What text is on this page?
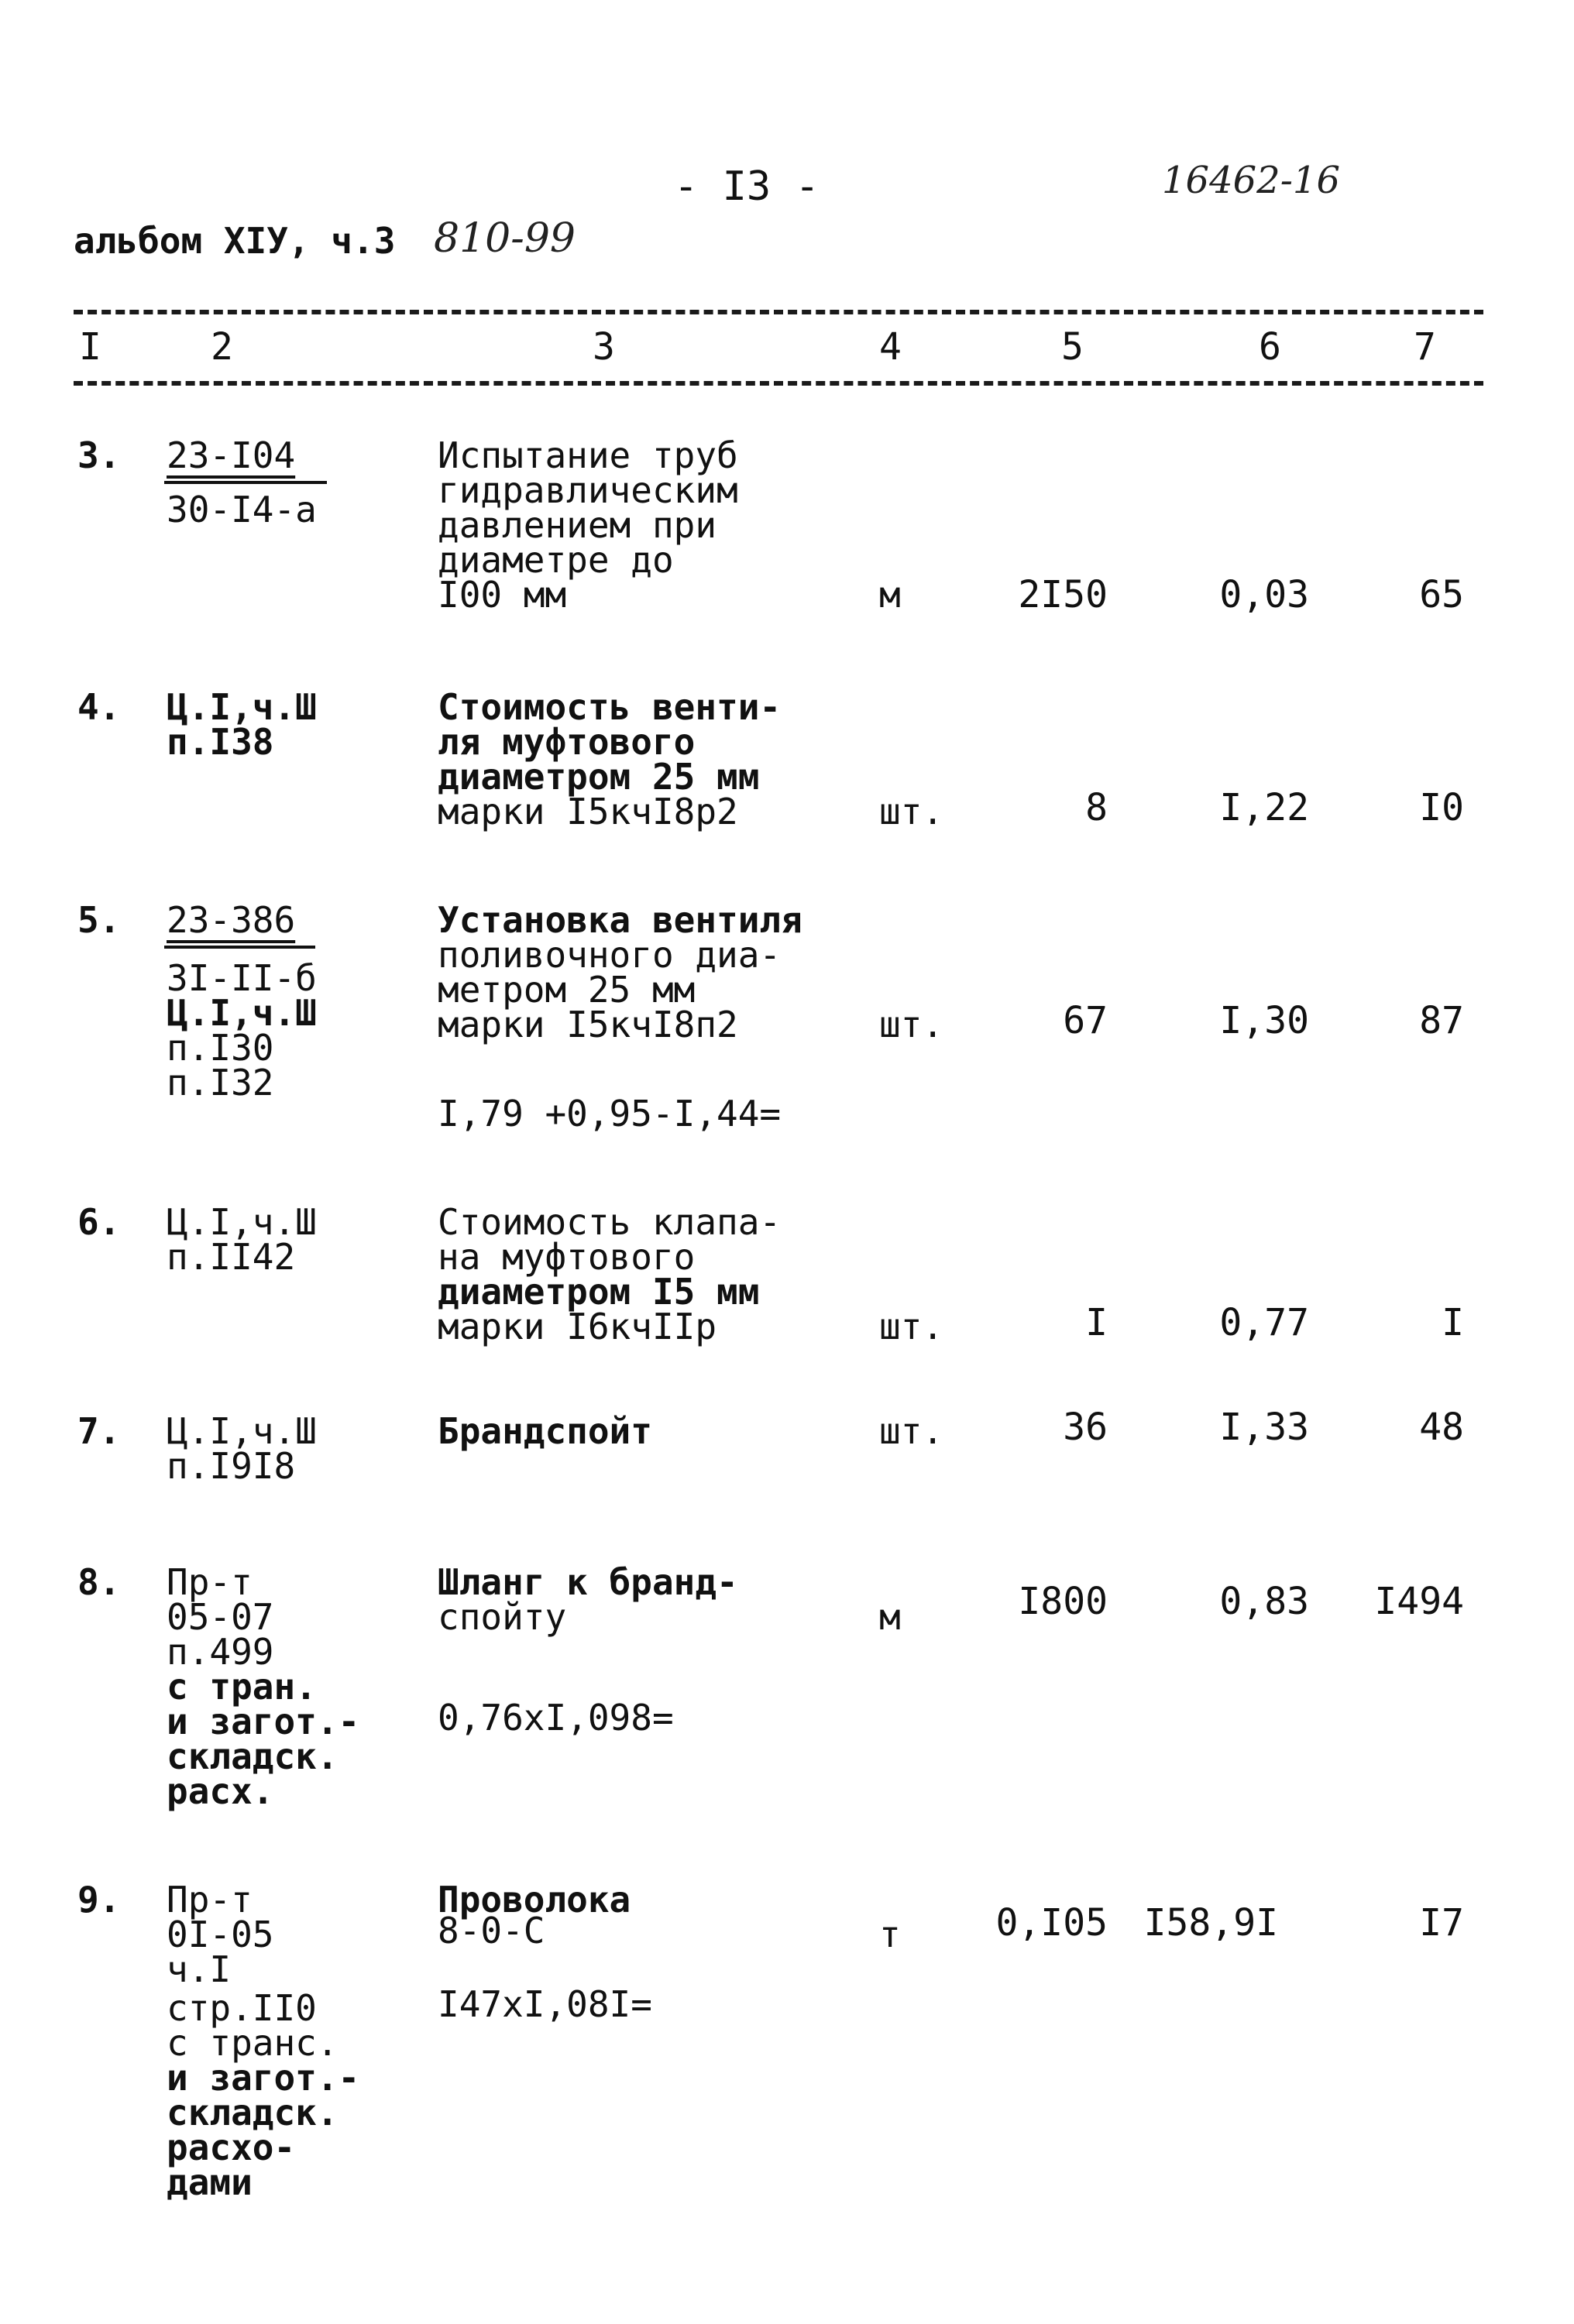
- I3 -	16462-16
альбом XIУ, ч.3 810-99
I	2	3	4	5	6	7
3. 23-I04
30-I4-а
Испытание труб
гидравлическим
давлением при
диаметре до
I00 мм	м	2I50	0,03	65
4. Ц.I,ч.Ш
п.I38
Стоимость венти-
ля муфтового
диаметром 25 мм
марки I5кчI8р2	шт.	8	I,22	I0
5. 23-386
3I-II-б
Ц.I,ч.Ш
п.I30
п.I32
Установка вентиля
поливочного диа-
метром 25 мм
марки I5кчI8п2
I,79 +0,95-I,44=
шт.	67	I,30	87
6. Ц.I,ч.Ш
п.II42
Стоимость клапа-
на муфтового
диаметром I5 мм
марки I6кчIIр	шт.	I	0,77	I
7. Ц.I,ч.Ш
п.I9I8
Брандспойт	шт.	36	I,33	48
8. Пр-т
05-07
п.499
с тран.
и загот.-
складск.
расх.
Шланг к бранд-
спойту
0,76хI,098=
м	I800	0,83	I494
9. Пр-т
0I-05
ч.I
стр.II0
с транс.
и загот.-
складск.
расхо-
дами
Проволока
8-0-С
I47хI,08I=
т	0,I05 I58,9I	I7
